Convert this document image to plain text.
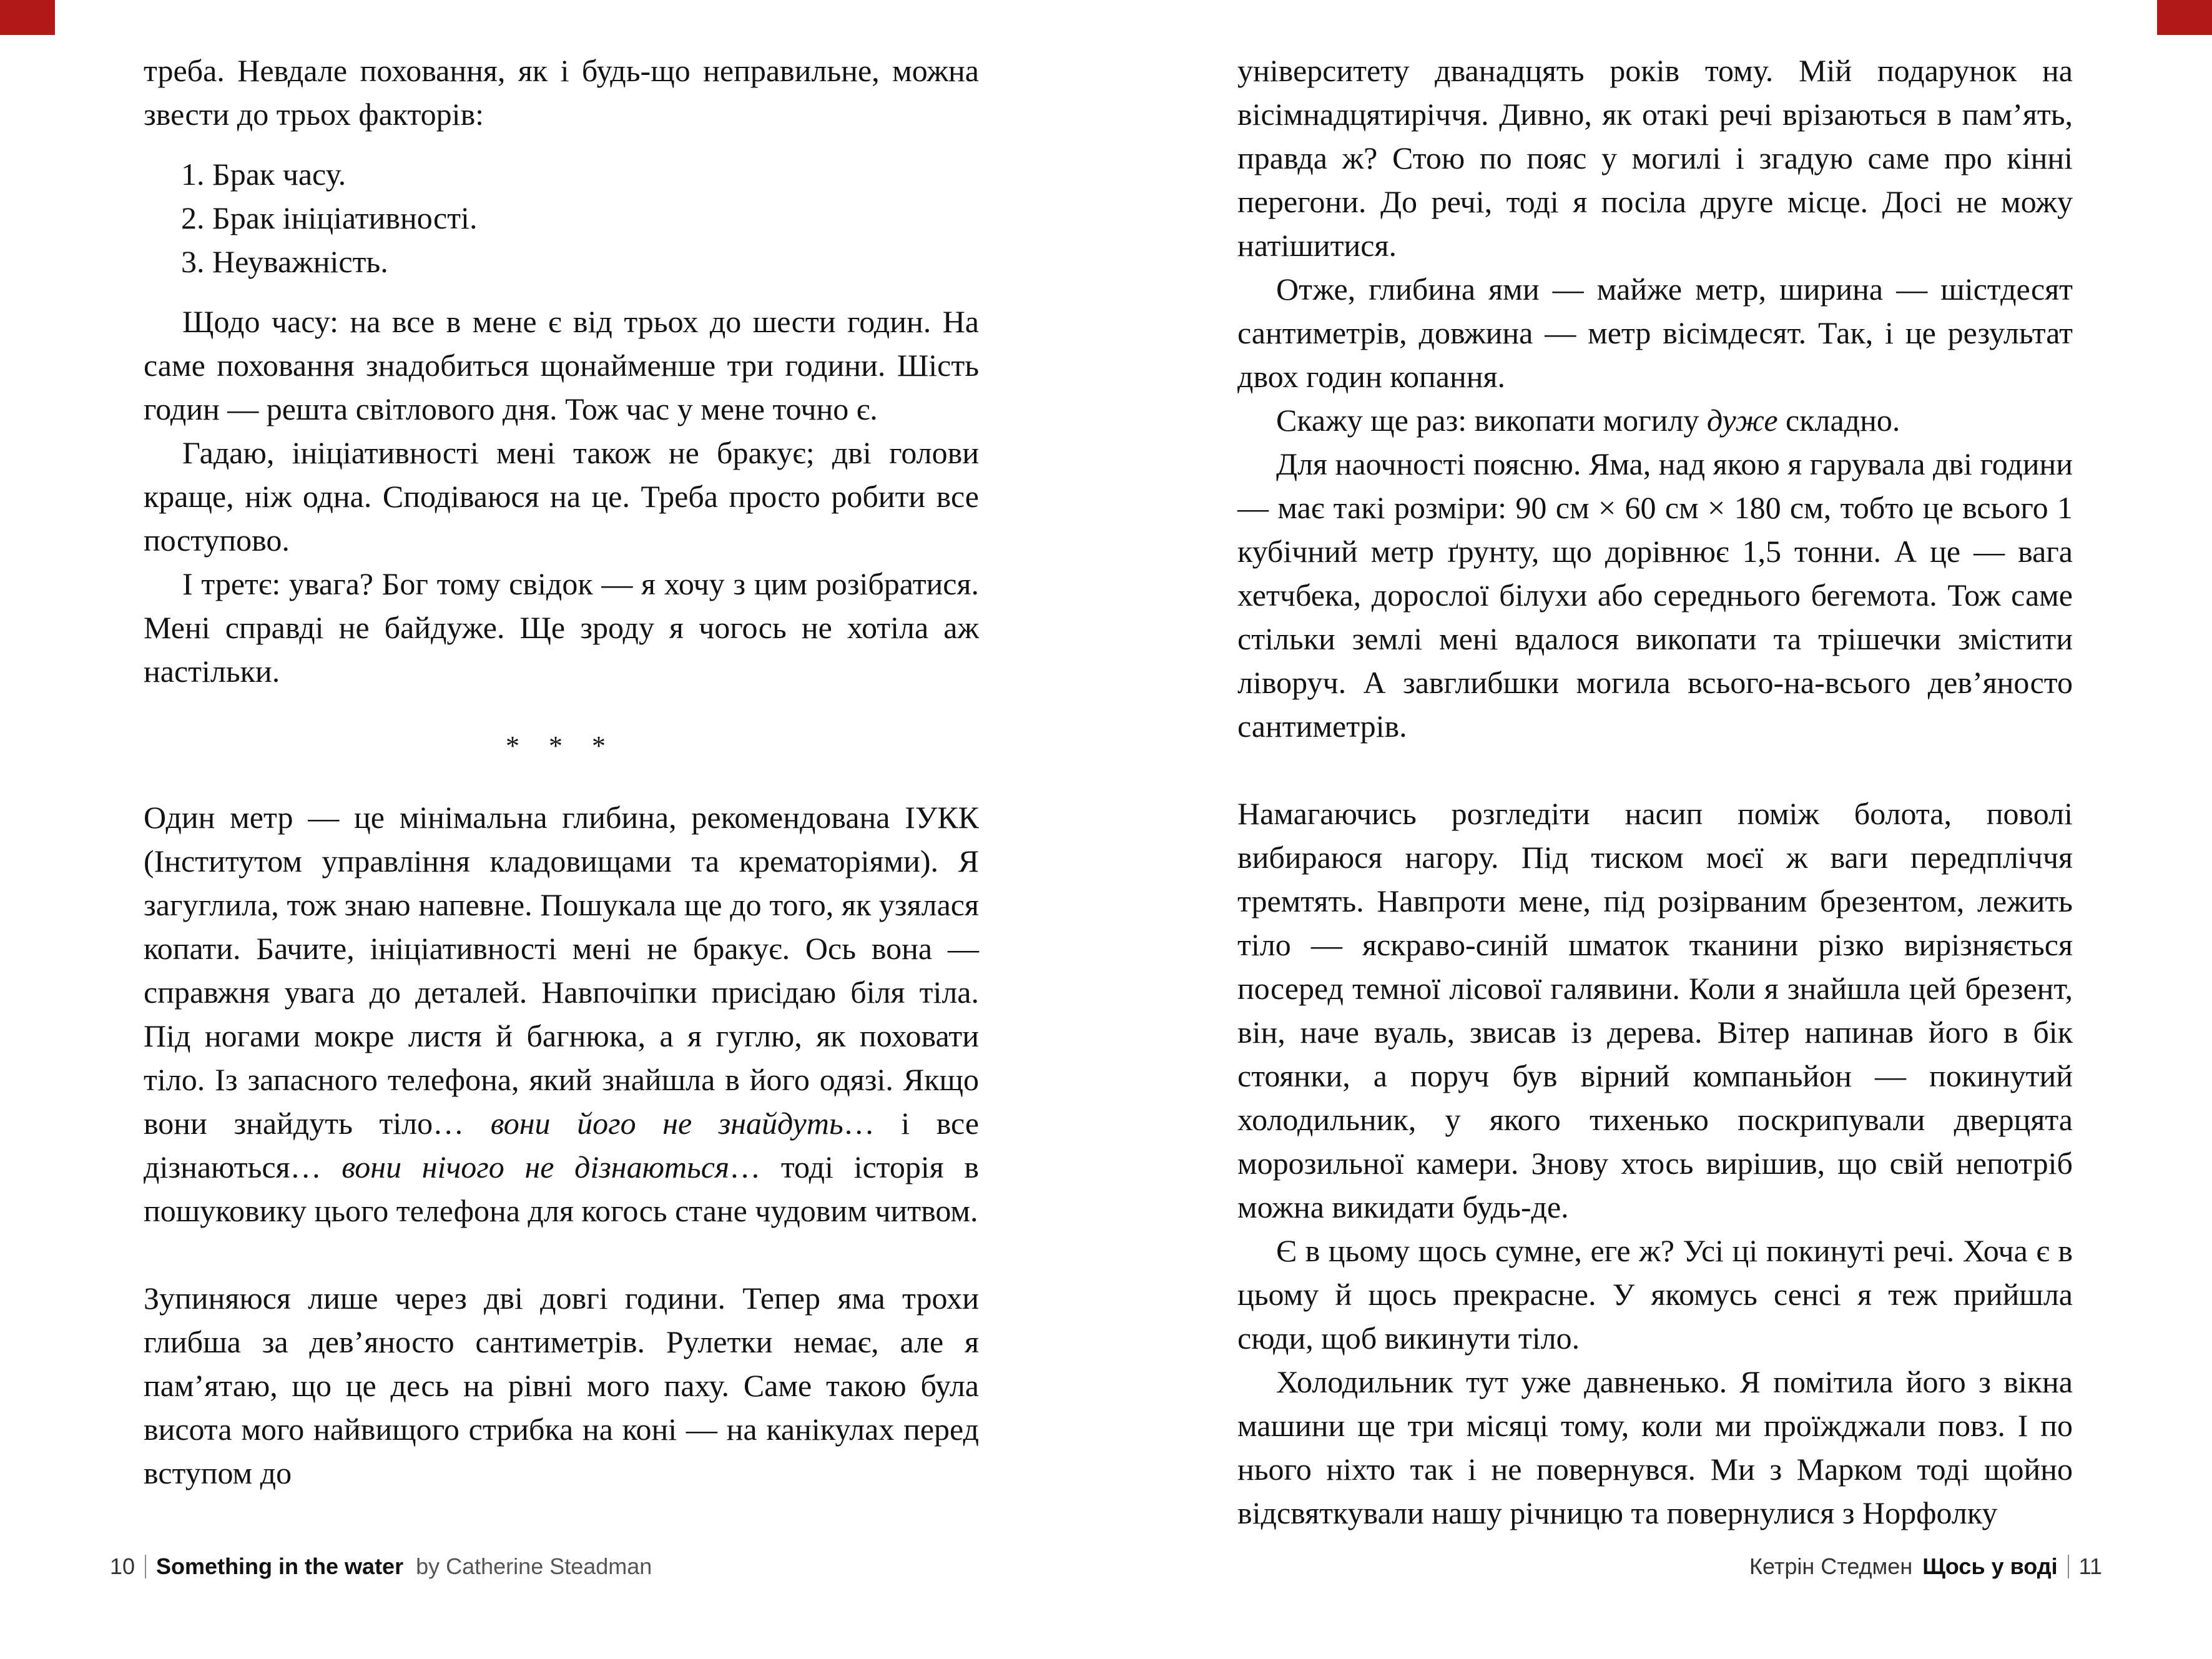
треба. Невдале поховання, як і будь-що неправильне, можна звести до трьох факторів:
1. Брак часу.
2. Брак ініціативності.
3. Неуважність.
Щодо часу: на все в мене є від трьох до шести годин. На саме поховання знадобиться щонайменше три години. Шість годин — решта світлового дня. Тож час у мене точно є.
Гадаю, ініціативності мені також не бракує; дві голови краще, ніж одна. Сподіваюся на це. Треба просто робити все поступово.
І третє: увага? Бог тому свідок — я хочу з цим розібратися. Мені справді не байдуже. Ще зроду я чогось не хотіла аж настільки.
* * *
Один метр — це мінімальна глибина, рекомендована ІУКК (Інститутом управління кладовищами та крематоріями). Я загуглила, тож знаю напевне. Пошукала ще до того, як узялася копати. Бачите, ініціативності мені не бракує. Ось вона — справжня увага до деталей. Навпочіпки присідаю біля тіла. Під ногами мокре листя й багнюка, а я гуглю, як поховати тіло. Із запасного телефона, який знайшла в його одязі. Якщо вони знайдуть тіло… вони його не знайдуть… і все дізнаються… вони нічого не дізнаються… тоді історія в пошуковику цього телефона для когось стане чудовим читвом.
Зупиняюся лише через дві довгі години. Тепер яма трохи глибша за дев’яносто сантиметрів. Рулетки немає, але я пам’ятаю, що це десь на рівні мого паху. Саме такою була висота мого найвищого стрибка на коні — на канікулах перед вступом до
університету дванадцять років тому. Мій подарунок на вісімнадцятиріччя. Дивно, як отакі речі врізаються в пам’ять, правда ж? Стою по пояс у могилі і згадую саме про кінні перегони. До речі, тоді я посіла друге місце. Досі не можу натішитися.
Отже, глибина ями — майже метр, ширина — шістдесят сантиметрів, довжина — метр вісімдесят. Так, і це результат двох годин копання.
Скажу ще раз: викопати могилу дуже складно.
Для наочності поясню. Яма, над якою я гарувала дві години — має такі розміри: 90 см × 60 см × 180 см, тобто це всього 1 кубічний метр ґрунту, що дорівнює 1,5 тонни. А це — вага хетчбека, дорослої білухи або середнього бегемота. Тож саме стільки землі мені вдалося викопати та трішечки змістити ліворуч. А завглибшки могила всього-на-всього дев’яносто сантиметрів.
Намагаючись розгледіти насип поміж болота, поволі вибираюся нагору. Під тиском моєї ж ваги передпліччя тремтять. Навпроти мене, під розірваним брезентом, лежить тіло — яскраво-синій шматок тканини різко вирізняється посеред темної лісової галявини. Коли я знайшла цей брезент, він, наче вуаль, звисав із дерева. Вітер напинав його в бік стоянки, а поруч був вірний компаньйон — покинутий холодильник, у якого тихенько поскрипували дверцята морозильної камери. Знову хтось вирішив, що свій непотріб можна викидати будь-де.
Є в цьому щось сумне, еге ж? Усі ці покинуті речі. Хоча є в цьому й щось прекрасне. У якомусь сенсі я теж прийшла сюди, щоб викинути тіло.
Холодильник тут уже давненько. Я помітила його з вікна машини ще три місяці тому, коли ми проїжджали повз. І по нього ніхто так і не повернувся. Ми з Марком тоді щойно відсвяткували нашу річницю та повернулися з Норфолку
10 Something in the water by Catherine Steadman	Кетрін Стедмен Щось у воді 11
